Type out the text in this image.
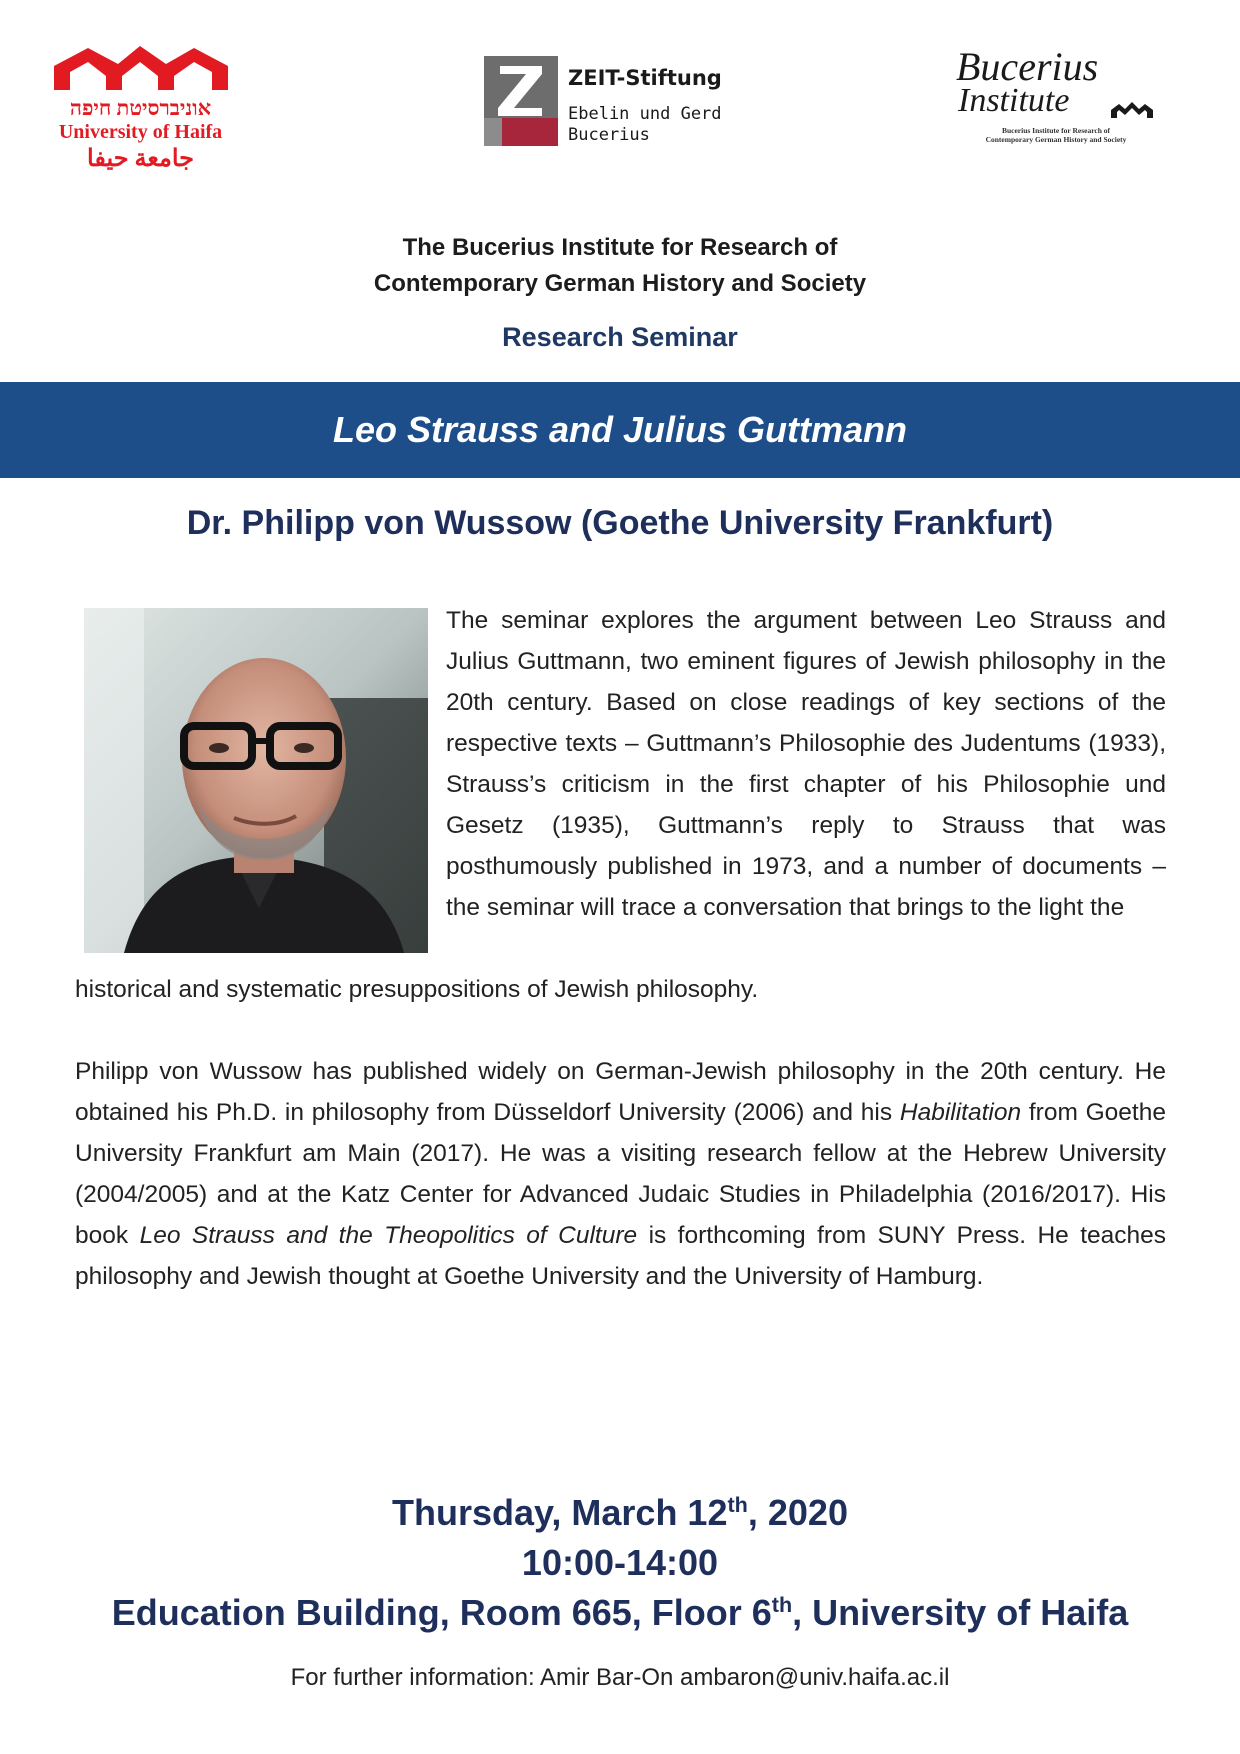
אוניברסיטת חיפה
University of Haifa
جامعة حيفا
ZEIT-Stiftung
Ebelin und Gerd
Bucerius
Bucerius
Institute
Bucerius Institute for Research of
Contemporary German History and Society
The Bucerius Institute for Research of
Contemporary German History and Society
Research Seminar
Leo Strauss and Julius Guttmann
Dr. Philipp von Wussow (Goethe University Frankfurt)
The seminar explores the argument between Leo Strauss and Julius Guttmann, two eminent figures of Jewish philosophy in the 20th century. Based on close readings of key sections of the respective texts – Guttmann’s Philosophie des Judentums (1933), Strauss’s criticism in the first chapter of his Philosophie und Gesetz (1935), Guttmann’s reply to Strauss that was posthumously published in 1973, and a number of documents – the seminar will trace a conversation that brings to the light the
historical and systematic presuppositions of Jewish philosophy.
Philipp von Wussow has published widely on German-Jewish philosophy in the 20th century. He obtained his Ph.D. in philosophy from Düsseldorf University (2006) and his Habilitation from Goethe University Frankfurt am Main (2017). He was a visiting research fellow at the Hebrew University (2004/2005) and at the Katz Center for Advanced Judaic Studies in Philadelphia (2016/2017). His book Leo Strauss and the Theopolitics of Culture is forthcoming from SUNY Press. He teaches philosophy and Jewish thought at Goethe University and the University of Hamburg.
Thursday, March 12th, 2020
10:00-14:00
Education Building, Room 665, Floor 6th, University of Haifa
For further information: Amir Bar-On ambaron@univ.haifa.ac.il
